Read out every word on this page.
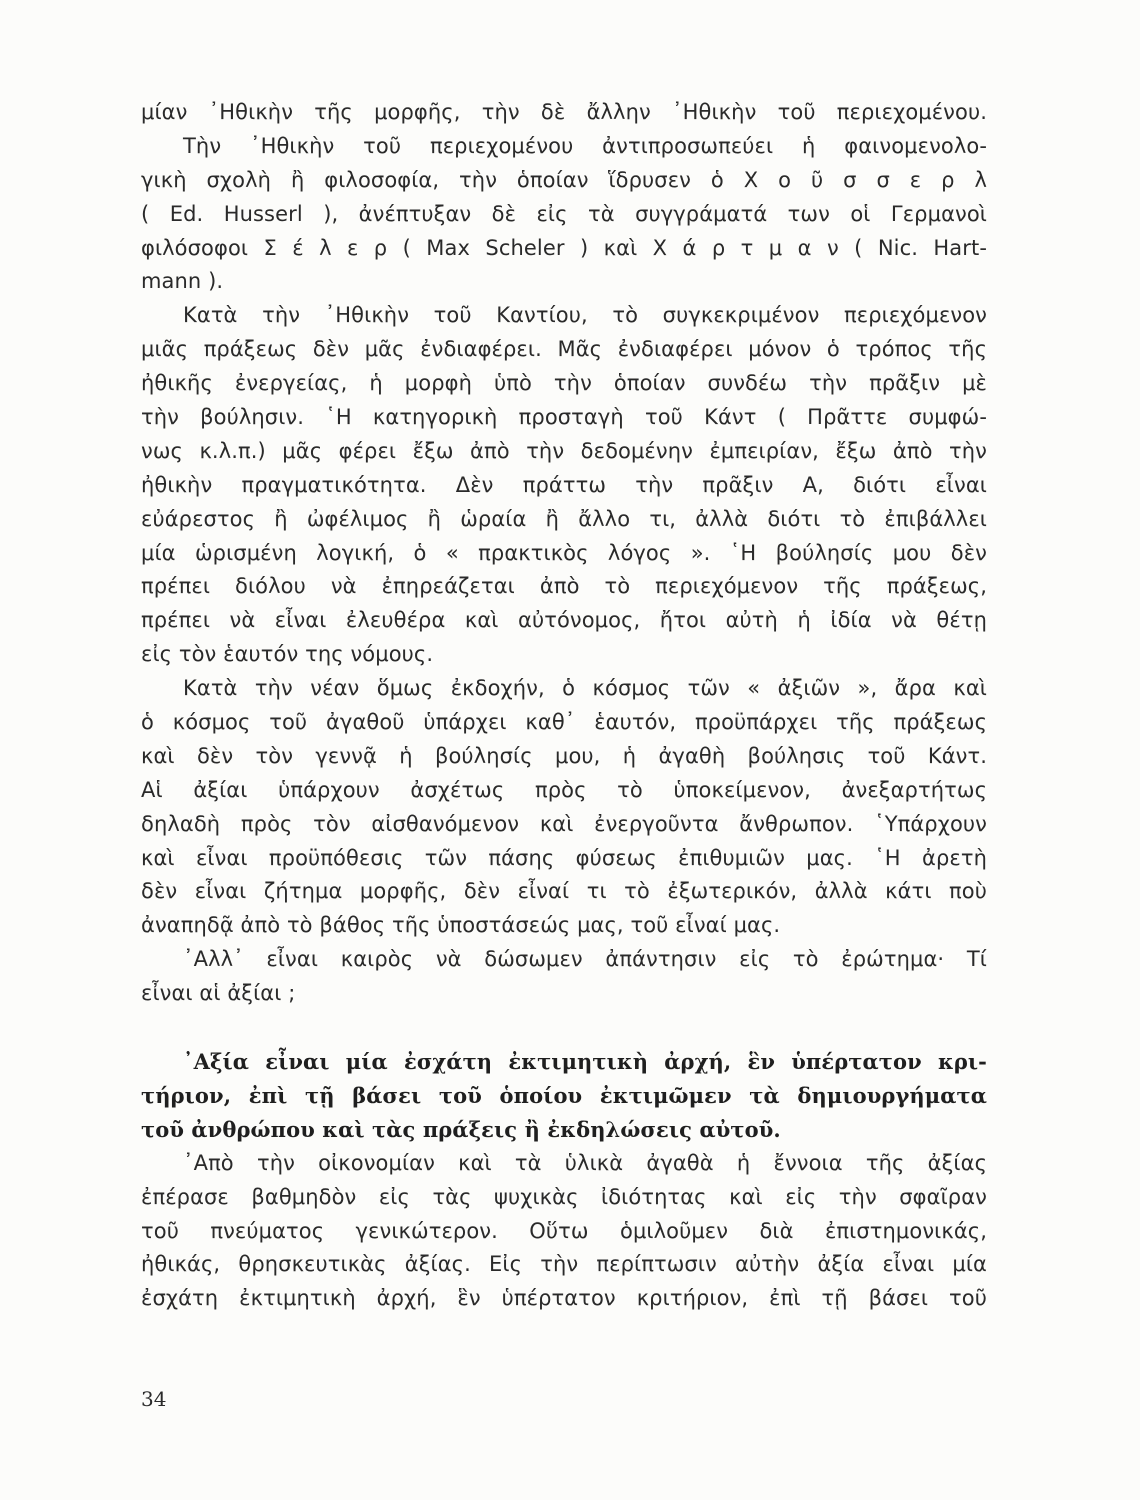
μίαν ᾿Ηθικὴν τῆς μορφῆς, τὴν δὲ ἄλλην ᾿Ηθικὴν τοῦ περιεχομένου.
Τὴν ᾿Ηθικὴν τοῦ περιεχομένου ἀντιπροσωπεύει ἡ φαινομενολο-
γικὴ σχολὴ ἢ φιλοσοφία, τὴν ὁποίαν ἵδρυσεν ὁ Χ ο ῦ σ σ ε ρ λ
( Ed. Husserl ), ἀνέπτυξαν δὲ εἰς τὰ συγγράματά των οἱ Γερμανοὶ
φιλόσοφοι Σ έ λ ε ρ ( Max Scheler ) καὶ Χ ά ρ τ μ α ν ( Nic. Hart-
mann ).
Κατὰ τὴν ᾿Ηθικὴν τοῦ Καντίου, τὸ συγκεκριμένον περιεχόμενον
μιᾶς πράξεως δὲν μᾶς ἐνδιαφέρει. Μᾶς ἐνδιαφέρει μόνον ὁ τρόπος τῆς
ἠθικῆς ἐνεργείας, ἡ μορφὴ ὑπὸ τὴν ὁποίαν συνδέω τὴν πρᾶξιν μὲ
τὴν βούλησιν. ῾Η κατηγορικὴ προσταγὴ τοῦ Κάντ ( Πρᾶττε συμφώ-
νως κ.λ.π.) μᾶς φέρει ἔξω ἀπὸ τὴν δεδομένην ἐμπειρίαν, ἔξω ἀπὸ τὴν
ἠθικὴν πραγματικότητα. Δὲν πράττω τὴν πρᾶξιν Α, διότι εἶναι
εὐάρεστος ἢ ὠφέλιμος ἢ ὡραία ἢ ἄλλο τι, ἀλλὰ διότι τὸ ἐπιβάλλει
μία ὡρισμένη λογική, ὁ « πρακτικὸς λόγος ». ῾Η βούλησίς μου δὲν
πρέπει διόλου νὰ ἐπηρεάζεται ἀπὸ τὸ περιεχόμενον τῆς πράξεως,
πρέπει νὰ εἶναι ἐλευθέρα καὶ αὐτόνομος, ἤτοι αὐτὴ ἡ ἰδία νὰ θέτῃ
εἰς τὸν ἑαυτόν της νόμους.
Κατὰ τὴν νέαν ὅμως ἐκδοχήν, ὁ κόσμος τῶν « ἀξιῶν », ἄρα καὶ
ὁ κόσμος τοῦ ἀγαθοῦ ὑπάρχει καθ᾿ ἑαυτόν, προϋπάρχει τῆς πράξεως
καὶ δὲν τὸν γεννᾷ ἡ βούλησίς μου, ἡ ἀγαθὴ βούλησις τοῦ Κάντ.
Αἱ ἀξίαι ὑπάρχουν ἀσχέτως πρὸς τὸ ὑποκείμενον, ἀνεξαρτήτως
δηλαδὴ πρὸς τὸν αἰσθανόμενον καὶ ἐνεργοῦντα ἄνθρωπον. ῾Υπάρχουν
καὶ εἶναι προϋπόθεσις τῶν πάσης φύσεως ἐπιθυμιῶν μας. ῾Η ἀρετὴ
δὲν εἶναι ζήτημα μορφῆς, δὲν εἶναί τι τὸ ἐξωτερικόν, ἀλλὰ κάτι ποὺ
ἀναπηδᾷ ἀπὸ τὸ βάθος τῆς ὑποστάσεώς μας, τοῦ εἶναί μας.
᾿Αλλ᾿ εἶναι καιρὸς νὰ δώσωμεν ἀπάντησιν εἰς τὸ ἐρώτημα· Τί
εἶναι αἱ ἀξίαι ;
᾿Αξία εἶναι μία ἐσχάτη ἐκτιμητικὴ ἀρχή, ἓν ὑπέρτατον κρι-
τήριον, ἐπὶ τῇ βάσει τοῦ ὁποίου ἐκτιμῶμεν τὰ δημιουργήματα
τοῦ ἀνθρώπου καὶ τὰς πράξεις ἢ ἐκδηλώσεις αὐτοῦ.
᾿Απὸ τὴν οἰκονομίαν καὶ τὰ ὑλικὰ ἀγαθὰ ἡ ἔννοια τῆς ἀξίας
ἐπέρασε βαθμηδὸν εἰς τὰς ψυχικὰς ἰδιότητας καὶ εἰς τὴν σφαῖραν
τοῦ πνεύματος γενικώτερον. Οὕτω ὁμιλοῦμεν διὰ ἐπιστημονικάς,
ἠθικάς, θρησκευτικὰς ἀξίας. Εἰς τὴν περίπτωσιν αὐτὴν ἀξία εἶναι μία
ἐσχάτη ἐκτιμητικὴ ἀρχή, ἓν ὑπέρτατον κριτήριον, ἐπὶ τῇ βάσει τοῦ
34
